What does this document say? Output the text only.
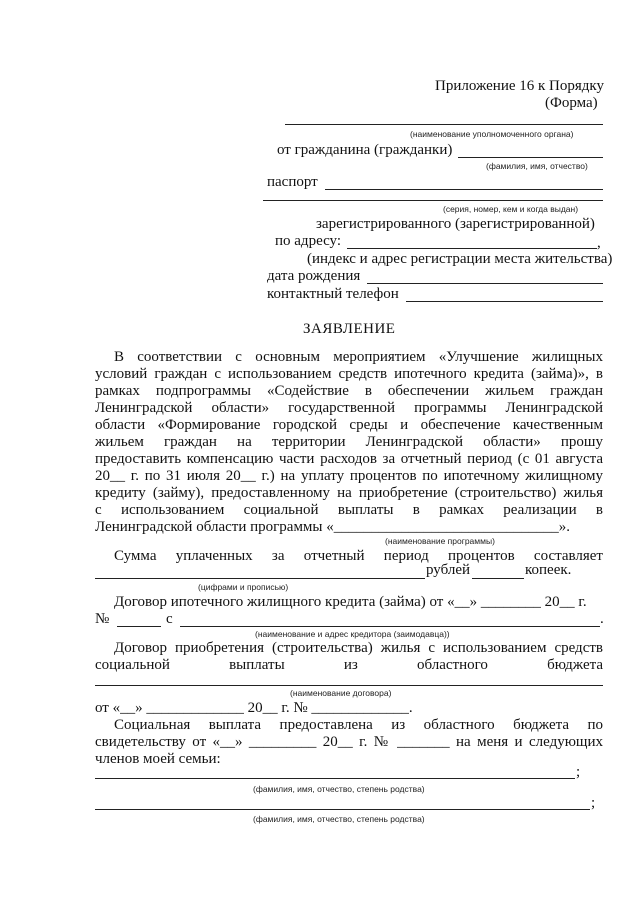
Приложение 16 к Порядку
(Форма)
(наименование уполномоченного органа)
от гражданина (гражданки)
(фамилия, имя, отчество)
паспорт
(серия, номер, кем и когда выдан)
зарегистрированного (зарегистрированной)
по адресу:	,
(индекс и адрес регистрации места жительства)
дата рождения
контактный телефон
ЗАЯВЛЕНИЕ
В соответствии с основным мероприятием «Улучшение жилищных
условий граждан с использованием средств ипотечного кредита (займа)», в
рамках подпрограммы «Содействие в обеспечении жильем граждан
Ленинградской области» государственной программы Ленинградской
области «Формирование городской среды и обеспечение качественным
жильем граждан на территории Ленинградской области» прошу
предоставить компенсацию части расходов за отчетный период (с 01 августа
20__ г. по 31 июля 20__ г.) на уплату процентов по ипотечному жилищному
кредиту (займу), предоставленному на приобретение (строительство) жилья
с использованием социальной выплаты в рамках реализации в
Ленинградской области программы «______________________________».
(наименование программы)
Сумма уплаченных за отчетный период процентов составляет
рублей	копеек.
(цифрами и прописью)
Договор ипотечного жилищного кредита (займа) от «__» ________ 20__ г.
№	с	.
(наименование и адрес кредитора (заимодавца))
Договор приобретения (строительства) жилья с использованием средств
социальной выплаты из областного бюджета
(наименование договора)
от «__» _____________ 20__ г. № _____________.
Социальная выплата предоставлена из областного бюджета по
свидетельству от «__» _________ 20__ г. № _______ на меня и следующих
членов моей семьи:
;
(фамилия, имя, отчество, степень родства)
;
(фамилия, имя, отчество, степень родства)
